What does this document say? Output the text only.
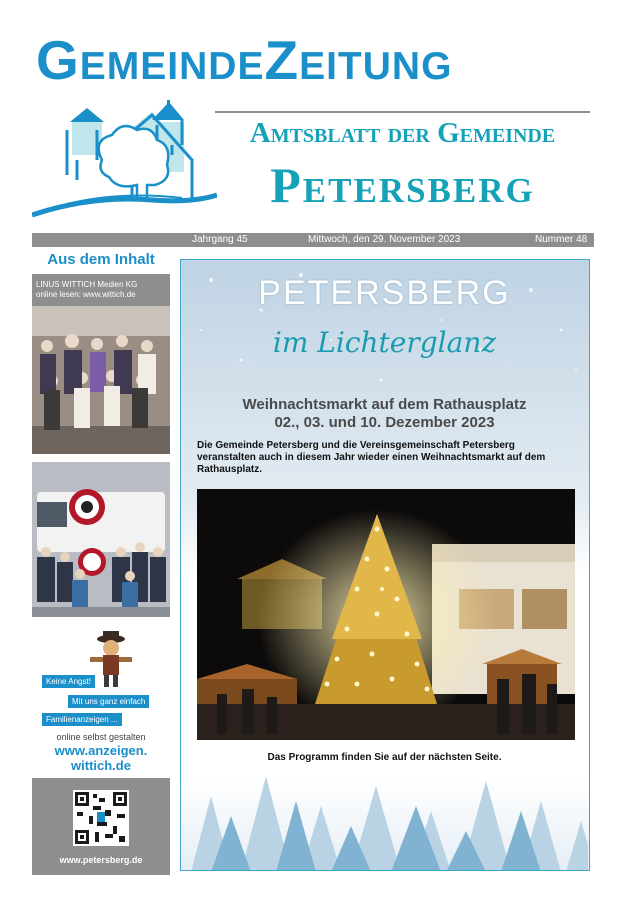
GemeindeZeitung
Amtsblatt der Gemeinde
Petersberg
Jahrgang 45	Mittwoch, den 29. November 2023	Nummer 48
Aus dem Inhalt
LINUS WITTICH Medien KG
online lesen: www.wittich.de
Keine Angst!
Mit uns ganz einfach
Familienanzeigen ...
online selbst gestalten
www.anzeigen.
wittich.de
www.petersberg.de
PETERSBERG
im Lichterglanz
Weihnachtsmarkt auf dem Rathausplatz
02., 03. und 10. Dezember 2023
Die Gemeinde Petersberg und die Vereinsgemeinschaft Petersberg veranstalten auch in diesem Jahr wieder einen Weihnachtsmarkt auf dem Rathausplatz.
Das Programm finden Sie auf der nächsten Seite.
